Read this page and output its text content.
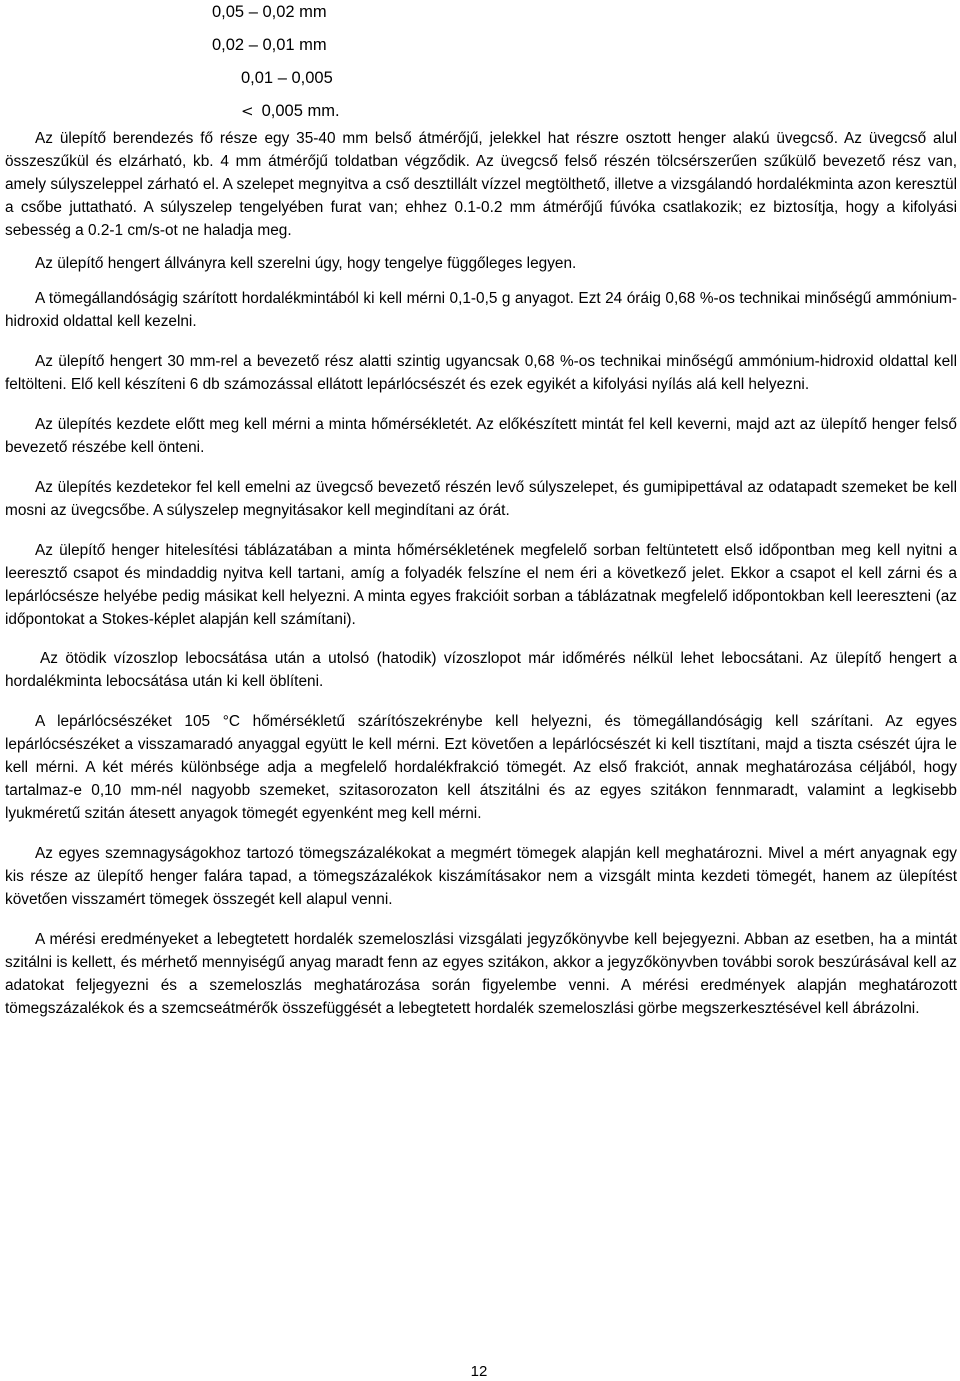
0,05 – 0,02 mm
0,02 – 0,01 mm
0,01 – 0,005
< 0,005 mm.

Az ülepítő berendezés fő része egy 35-40 mm belső átmérőjű, jelekkel hat részre osztott henger alakú üvegcső. Az üvegcső alul összeszűkül és elzárható, kb. 4 mm átmérőjű toldatban végződik. Az üvegcső felső részén tölcsérszerűen szűkülő bevezető rész van, amely súlyszeleppel zárható el. A szelepet megnyitva a cső desztillált vízzel megtölthető, illetve a vizsgálandó hordalékminta azon keresztül a csőbe juttatható. A súlyszelep tengelyében furat van; ehhez 0.1-0.2 mm átmérőjű fúvóka csatlakozik; ez biztosítja, hogy a kifolyási sebesség a 0.2-1 cm/s-ot ne haladja meg.

Az ülepítő hengert állványra kell szerelni úgy, hogy tengelye függőleges legyen.

A tömegállandóságig szárított hordalékmintából ki kell mérni 0,1-0,5 g anyagot. Ezt 24 óráig 0,68 %-os technikai minőségű ammónium-hidroxid oldattal kell kezelni.

Az ülepítő hengert 30 mm-rel a bevezető rész alatti szintig ugyancsak 0,68 %-os technikai minőségű ammónium-hidroxid oldattal kell feltölteni. Elő kell készíteni 6 db számozással ellátott lepárlócsészét és ezek egyikét a kifolyási nyílás alá kell helyezni.

Az ülepítés kezdete előtt meg kell mérni a minta hőmérsékletét. Az előkészített mintát fel kell keverni, majd azt az ülepítő henger felső bevezető részébe kell önteni.

Az ülepítés kezdetekor fel kell emelni az üvegcső bevezető részén levő súlyszelepet, és gumipipettával az odatapadt szemeket be kell mosni az üvegcsőbe. A súlyszelep megnyitásakor kell megindítani az órát.

Az ülepítő henger hitelesítési táblázatában a minta hőmérsékletének megfelelő sorban feltüntetett első időpontban meg kell nyitni a leeresztő csapot és mindaddig nyitva kell tartani, amíg a folyadék felszíne el nem éri a következő jelet. Ekkor a csapot el kell zárni és a lepárlócsésze helyébe pedig másikat kell helyezni. A minta egyes frakcióit sorban a táblázatnak megfelelő időpontokban kell leereszteni (az időpontokat a Stokes-képlet alapján kell számítani).

Az ötödik vízoszlop lebocsátása után a utolsó (hatodik) vízoszlopot már időmérés nélkül lehet lebocsátani. Az ülepítő hengert a hordalékminta lebocsátása után ki kell öblíteni.

A lepárlócsészéket 105 °C hőmérsékletű szárítószekrénybe kell helyezni, és tömegállandóságig kell szárítani. Az egyes lepárlócsészéket a visszamaradó anyaggal együtt le kell mérni. Ezt követően a lepárlócsészét ki kell tisztítani, majd a tiszta csészét újra le kell mérni. A két mérés különbsége adja a megfelelő hordalékfrakció tömegét. Az első frakciót, annak meghatározása céljából, hogy tartalmaz-e 0,10 mm-nél nagyobb szemeket, szitasorozaton kell átszitálni és az egyes szitákon fennmaradt, valamint a legkisebb lyukméretű szitán átesett anyagok tömegét egyenként meg kell mérni.

Az egyes szemnagyságokhoz tartozó tömegszázalékokat a megmért tömegek alapján kell meghatározni. Mivel a mért anyagnak egy kis része az ülepítő henger falára tapad, a tömegszázalékok kiszámításakor nem a vizsgált minta kezdeti tömegét, hanem az ülepítést követően visszamért tömegek összegét kell alapul venni.

A mérési eredményeket a lebegtetett hordalék szemeloszlási vizsgálati jegyzőkönyvbe kell bejegyezni. Abban az esetben, ha a mintát szitálni is kellett, és mérhető mennyiségű anyag maradt fenn az egyes szitákon, akkor a jegyzőkönyvben további sorok beszúrásával kell az adatokat feljegyezni és a szemeloszlás meghatározása során figyelembe venni. A mérési eredmények alapján meghatározott tömegszázalékok és a szemcseátmérők összefüggését a lebegtetett hordalék szemeloszlási görbe megszerkesztésével kell ábrázolni.

12
